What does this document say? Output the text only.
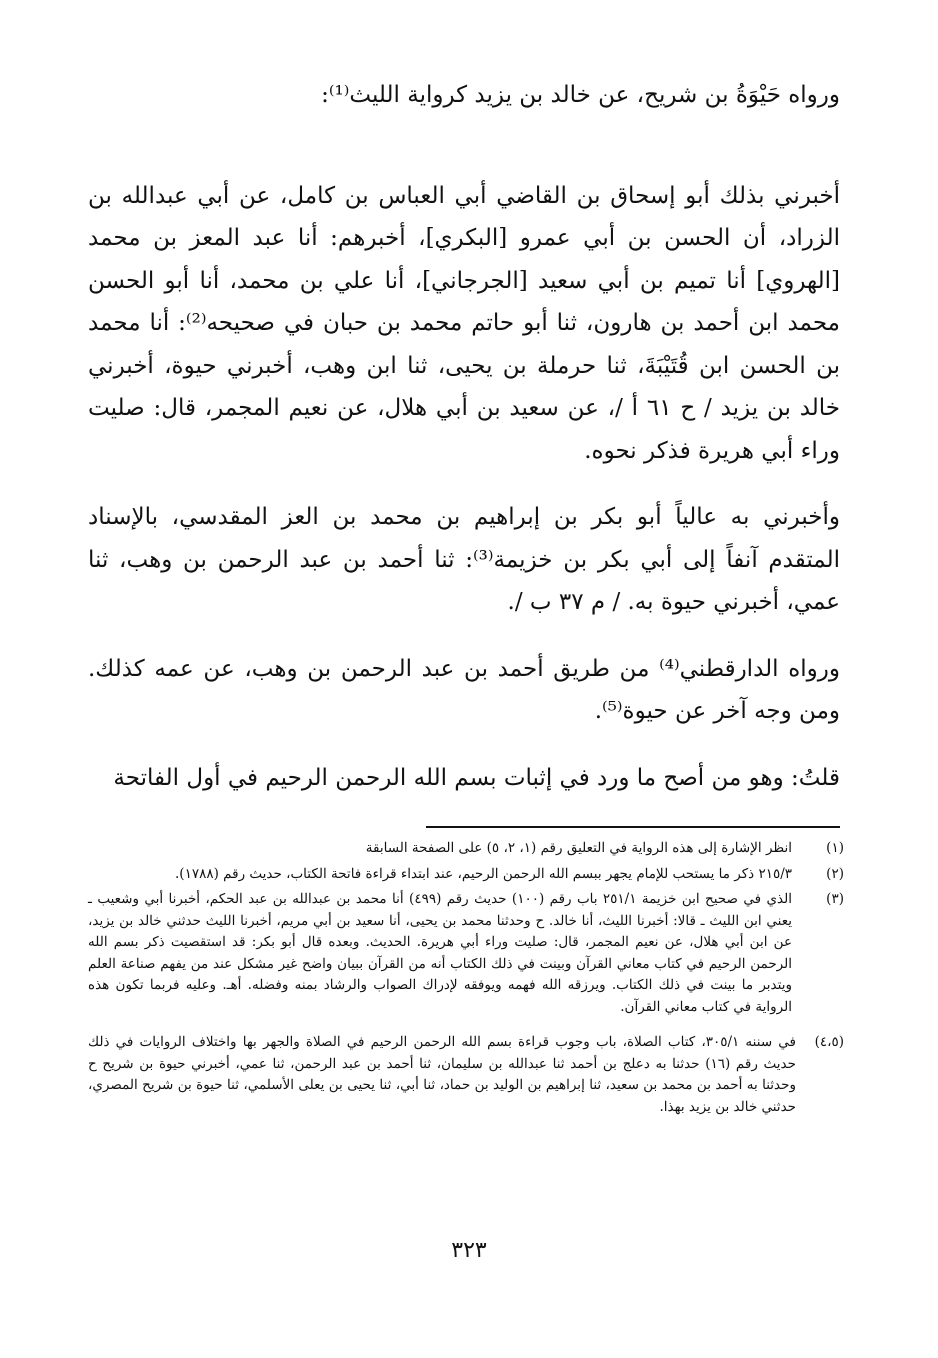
ورواه حَيْوَةُ بن شريح، عن خالد بن يزيد كرواية الليث⁽¹⁾:

أخبرني بذلك أبو إسحاق بن القاضي أبي العباس بن كامل، عن أبي عبدالله بن الزراد، أن الحسن بن أبي عمرو [البكري]، أخبرهم: أنا عبد المعز بن محمد [الهروي] أنا تميم بن أبي سعيد [الجرجاني]، أنا علي بن محمد، أنا أبو الحسن محمد ابن أحمد بن هارون، ثنا أبو حاتم محمد بن حبان في صحيحه⁽²⁾: أنا محمد بن الحسن ابن قُتَيْبَةَ، ثنا حرملة بن يحيى، ثنا ابن وهب، أخبرني حيوة، أخبرني خالد بن يزيد / ح ٦١ أ /، عن سعيد بن أبي هلال، عن نعيم المجمر، قال: صليت وراء أبي هريرة فذكر نحوه.

وأخبرني به عالياً أبو بكر بن إبراهيم بن محمد بن العز المقدسي، بالإسناد المتقدم آنفاً إلى أبي بكر بن خزيمة⁽³⁾: ثنا أحمد بن عبد الرحمن بن وهب، ثنا عمي، أخبرني حيوة به. / م ٣٧ ب /.

ورواه الدارقطني⁽⁴⁾ من طريق أحمد بن عبد الرحمن بن وهب، عن عمه كذلك. ومن وجه آخر عن حيوة⁽⁵⁾.

قلتُ: وهو من أصح ما ورد في إثبات بسم الله الرحمن الرحيم في أول الفاتحة

(١)
انظر الإشارة إلى هذه الرواية في التعليق رقم (١، ٢، ٥) على الصفحة السابقة
(٢)
٢١٥/٣ ذكر ما يستحب للإمام يجهر ببسم الله الرحمن الرحيم، عند ابتداء قراءة فاتحة الكتاب، حديث رقم (١٧٨٨).
(٣)
الذي في صحيح ابن خزيمة ٢٥١/١ باب رقم (١٠٠) حديث رقم (٤٩٩) أنا محمد بن عبدالله بن عبد الحكم، أخبرنا أبي وشعيب ـ يعني ابن الليث ـ قالا: أخبرنا الليث، أنا خالد. ح وحدثنا محمد بن يحيى، أنا سعيد بن أبي مريم، أخبرنا الليث حدثني خالد بن يزيد، عن ابن أبي هلال، عن نعيم المجمر، قال: صليت وراء أبي هريرة. الحديث. وبعده قال أبو بكر: قد استقصيت ذكر بسم الله الرحمن الرحيم في كتاب معاني القرآن وبينت في ذلك الكتاب أنه من القرآن ببيان واضح غير مشكل عند من يفهم صناعة العلم ويتدبر ما بينت في ذلك الكتاب. ويرزقه الله فهمه ويوفقه لإدراك الصواب والرشاد بمنه وفضله. أهـ. وعليه فربما تكون هذه الرواية في كتاب معاني القرآن.
(٤،٥)
في سننه ٣٠٥/١، كتاب الصلاة، باب وجوب قراءة بسم الله الرحمن الرحيم في الصلاة والجهر بها واختلاف الروايات في ذلك حديث رقم (١٦) حدثنا به دعلج بن أحمد ثنا عبدالله بن سليمان، ثنا أحمد بن عبد الرحمن، ثنا عمي، أخبرني حيوة بن شريح ح وحدثنا به أحمد بن محمد بن سعيد، ثنا إبراهيم بن الوليد بن حماد، ثنا أبي، ثنا يحيى بن يعلى الأسلمي، ثنا حيوة بن شريح المصري، حدثني خالد بن يزيد بهذا.
٣٢٣
